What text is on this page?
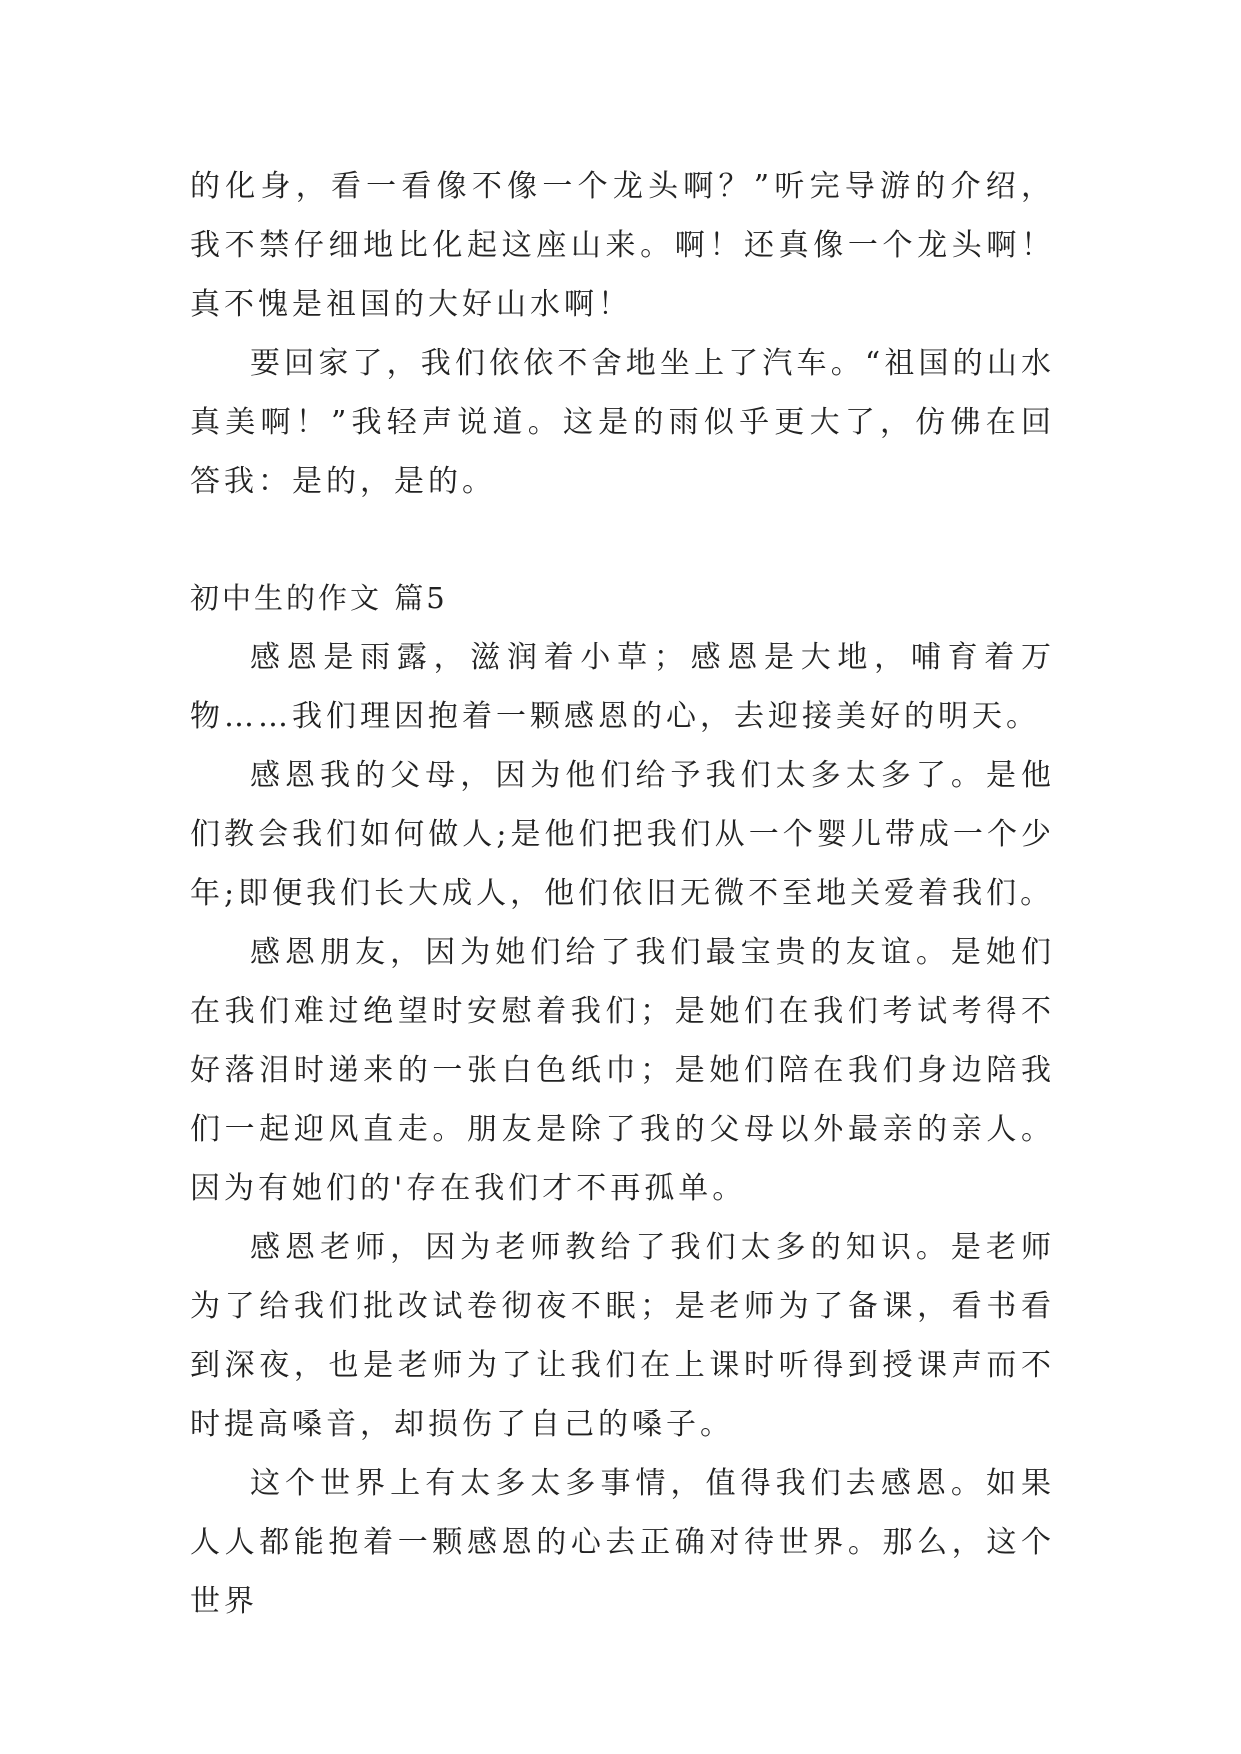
的化身，看一看像不像一个龙头啊？”听完导游的介绍，我不禁仔细地比化起这座山来。啊！还真像一个龙头啊！真不愧是祖国的大好山水啊！

要回家了，我们依依不舍地坐上了汽车。“祖国的山水真美啊！”我轻声说道。这是的雨似乎更大了，仿佛在回答我：是的，是的。

初中生的作文 篇5

感恩是雨露，滋润着小草；感恩是大地，哺育着万物……我们理因抱着一颗感恩的心，去迎接美好的明天。

感恩我的父母，因为他们给予我们太多太多了。是他们教会我们如何做人;是他们把我们从一个婴儿带成一个少年;即便我们长大成人，他们依旧无微不至地关爱着我们。

感恩朋友，因为她们给了我们最宝贵的友谊。是她们在我们难过绝望时安慰着我们；是她们在我们考试考得不好落泪时递来的一张白色纸巾；是她们陪在我们身边陪我们一起迎风直走。朋友是除了我的父母以外最亲的亲人。因为有她们的'存在我们才不再孤单。

感恩老师，因为老师教给了我们太多的知识。是老师为了给我们批改试卷彻夜不眠；是老师为了备课，看书看到深夜，也是老师为了让我们在上课时听得到授课声而不时提高嗓音，却损伤了自己的嗓子。

这个世界上有太多太多事情，值得我们去感恩。如果人人都能抱着一颗感恩的心去正确对待世界。那么，这个世界
